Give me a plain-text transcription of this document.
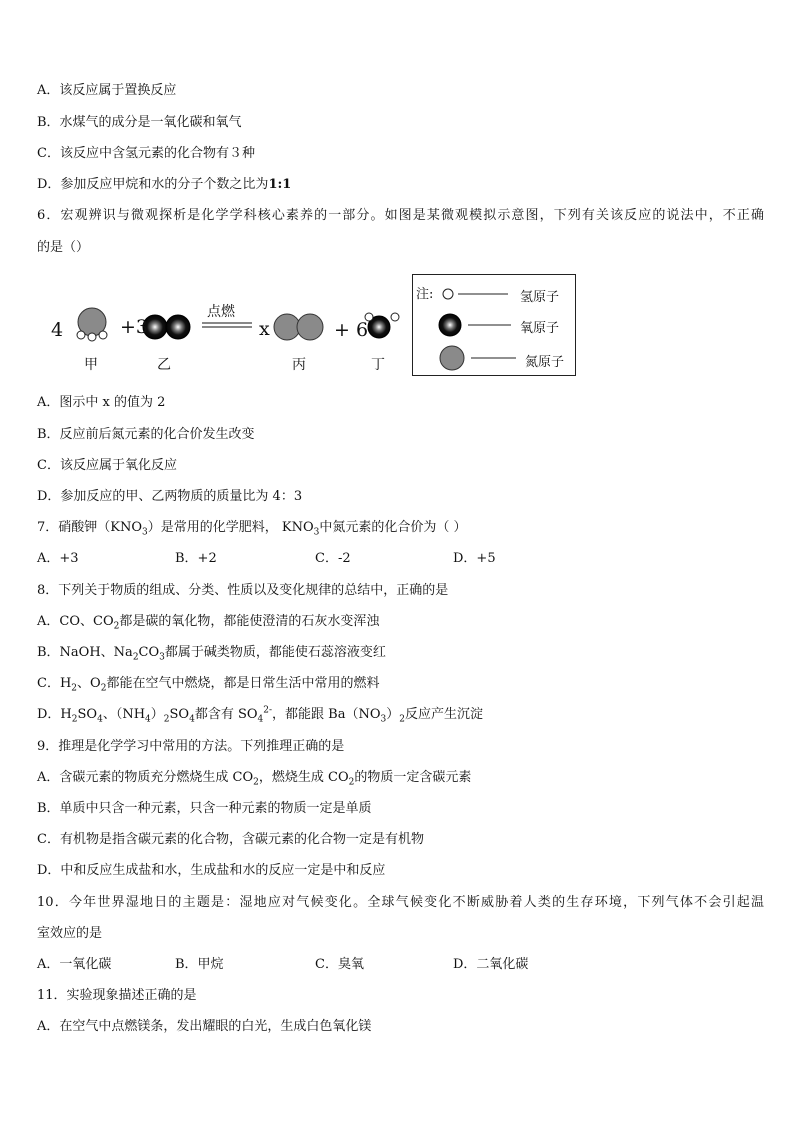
A．该反应属于置换反应
B．水煤气的成分是一氧化碳和氧气
C．该反应中含氢元素的化合物有３种
D．参加反应甲烷和水的分子个数之比为1:1
6．宏观辨识与微观探析是化学学科核心素养的一部分。如图是某微观模拟示意图，下列有关该反应的说法中，不正确
的是（）
4	+3
点燃
x	+ 6
甲	乙	丙	丁
注:	氢原子
氧原子
氮原子
A．图示中 x 的值为 2
B．反应前后氮元素的化合价发生改变
C．该反应属于氧化反应
D．参加反应的甲、乙两物质的质量比为 4：3
7．硝酸钾$(KNO_3)$是常用的化学肥料， $KNO_3$中氮元素的化合价为（ ）
A．+3	B．+2	C．-2	D．+5
8．下列关于物质的组成、分类、性质以及变化规律的总结中，正确的是
A．CO、$CO_2$都是碳的氧化物，都能使澄清的石灰水变浑浊
B．NaOH、$Na_2CO_3$都属于碱类物质，都能使石蕊溶液变红
C．$H_2$、$O_2$都能在空气中燃烧，都是日常生活中常用的燃料
D．$H_2SO_4$、$(NH_4)_2SO_4$都含有 $SO_4^{2-}$，都能跟 $Ba(NO_3)_2$反应产生沉淀
9．推理是化学学习中常用的方法。下列推理正确的是
A．含碳元素的物质充分燃烧生成 $CO_2$，燃烧生成 $CO_2$的物质一定含碳元素
B．单质中只含一种元素，只含一种元素的物质一定是单质
C．有机物是指含碳元素的化合物，含碳元素的化合物一定是有机物
D．中和反应生成盐和水，生成盐和水的反应一定是中和反应
10．今年世界湿地日的主题是：湿地应对气候变化。全球气候变化不断威胁着人类的生存环境，下列气体不会引起温
室效应的是
A．一氧化碳	B．甲烷	C．臭氧	D．二氧化碳
11．实验现象描述正确的是
A．在空气中点燃镁条，发出耀眼的白光，生成白色氧化镁
